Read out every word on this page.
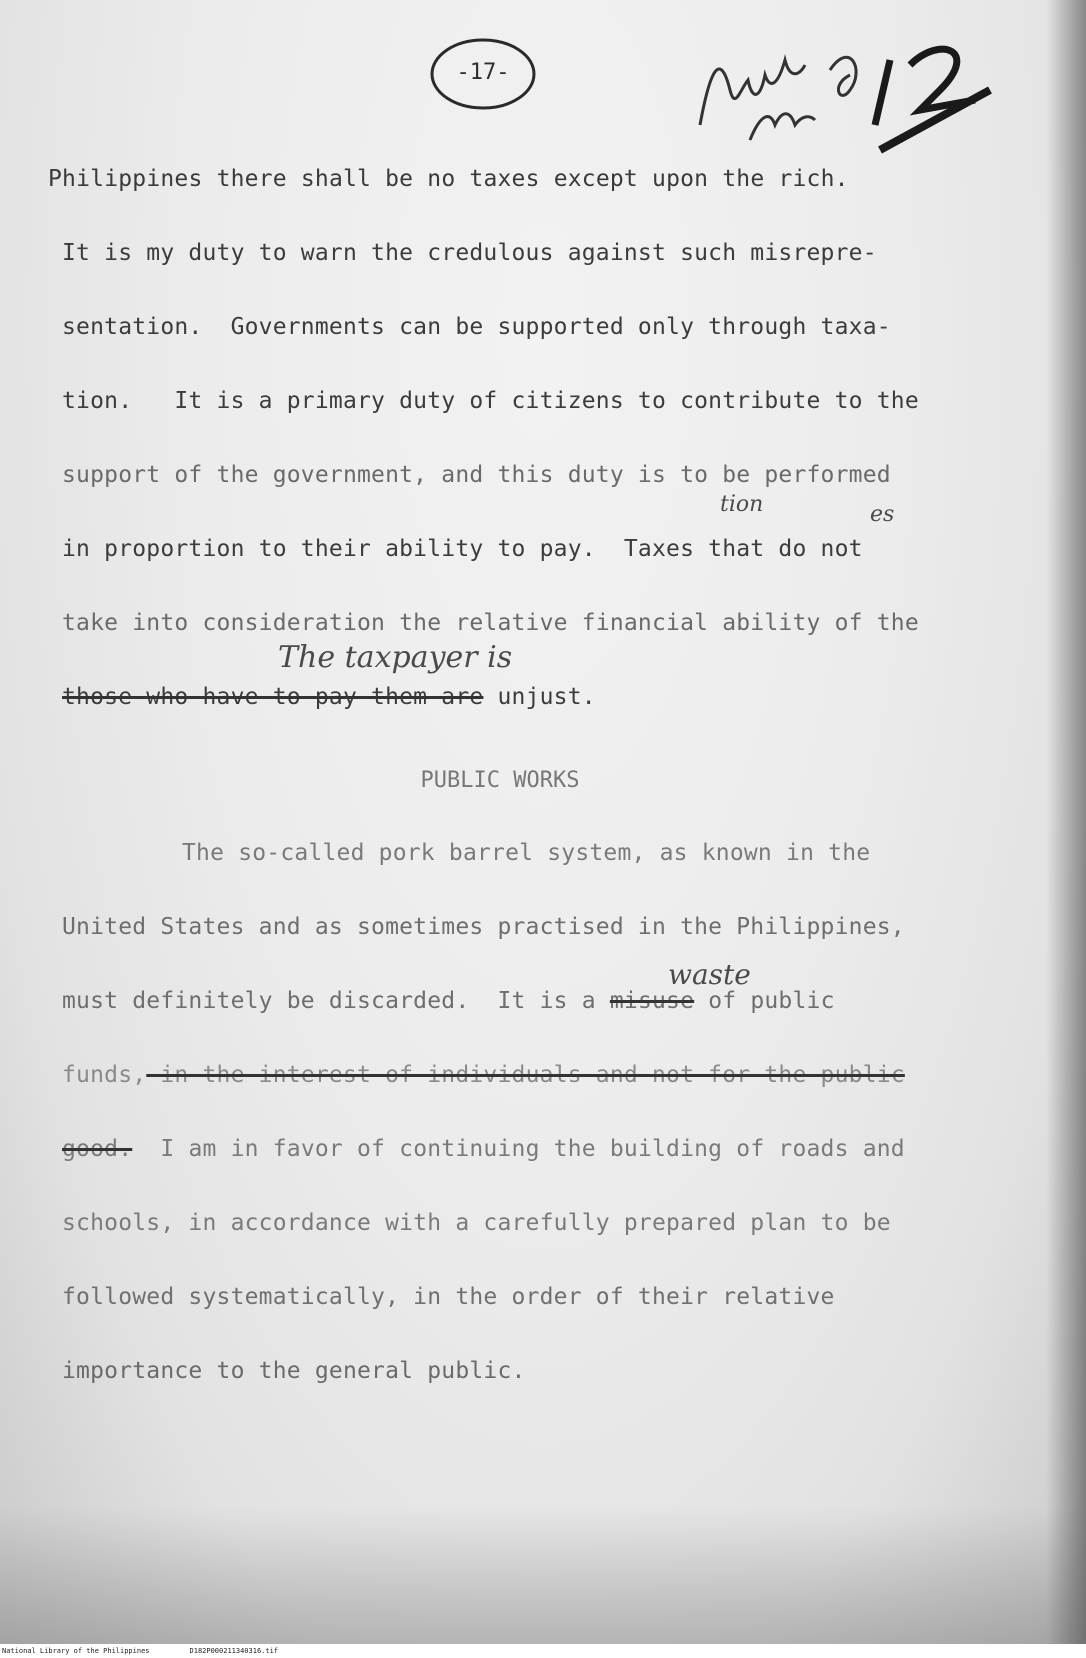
-17-
Philippines there shall be no taxes except upon the rich.
It is my duty to warn the credulous against such misrepre-
sentation.  Governments can be supported only through taxa-
tion.   It is a primary duty of citizens to contribute to the
support of the government, and this duty is to be performed
in proportion to their ability to pay.  Taxes that do not
take into consideration the relative financial ability of the
those who have to pay them are unjust.
The taxpayer is
tion	es
PUBLIC WORKS
The so-called pork barrel system, as known in the
United States and as sometimes practised in the Philippines,
must definitely be discarded.  It is a misuse of public
waste
funds, in the interest of individuals and not for the public
good.  I am in favor of continuing the building of roads and
schools, in accordance with a carefully prepared plan to be
followed systematically, in the order of their relative
importance to the general public.
National Library of the Philippines	D182P000211340316.tif
